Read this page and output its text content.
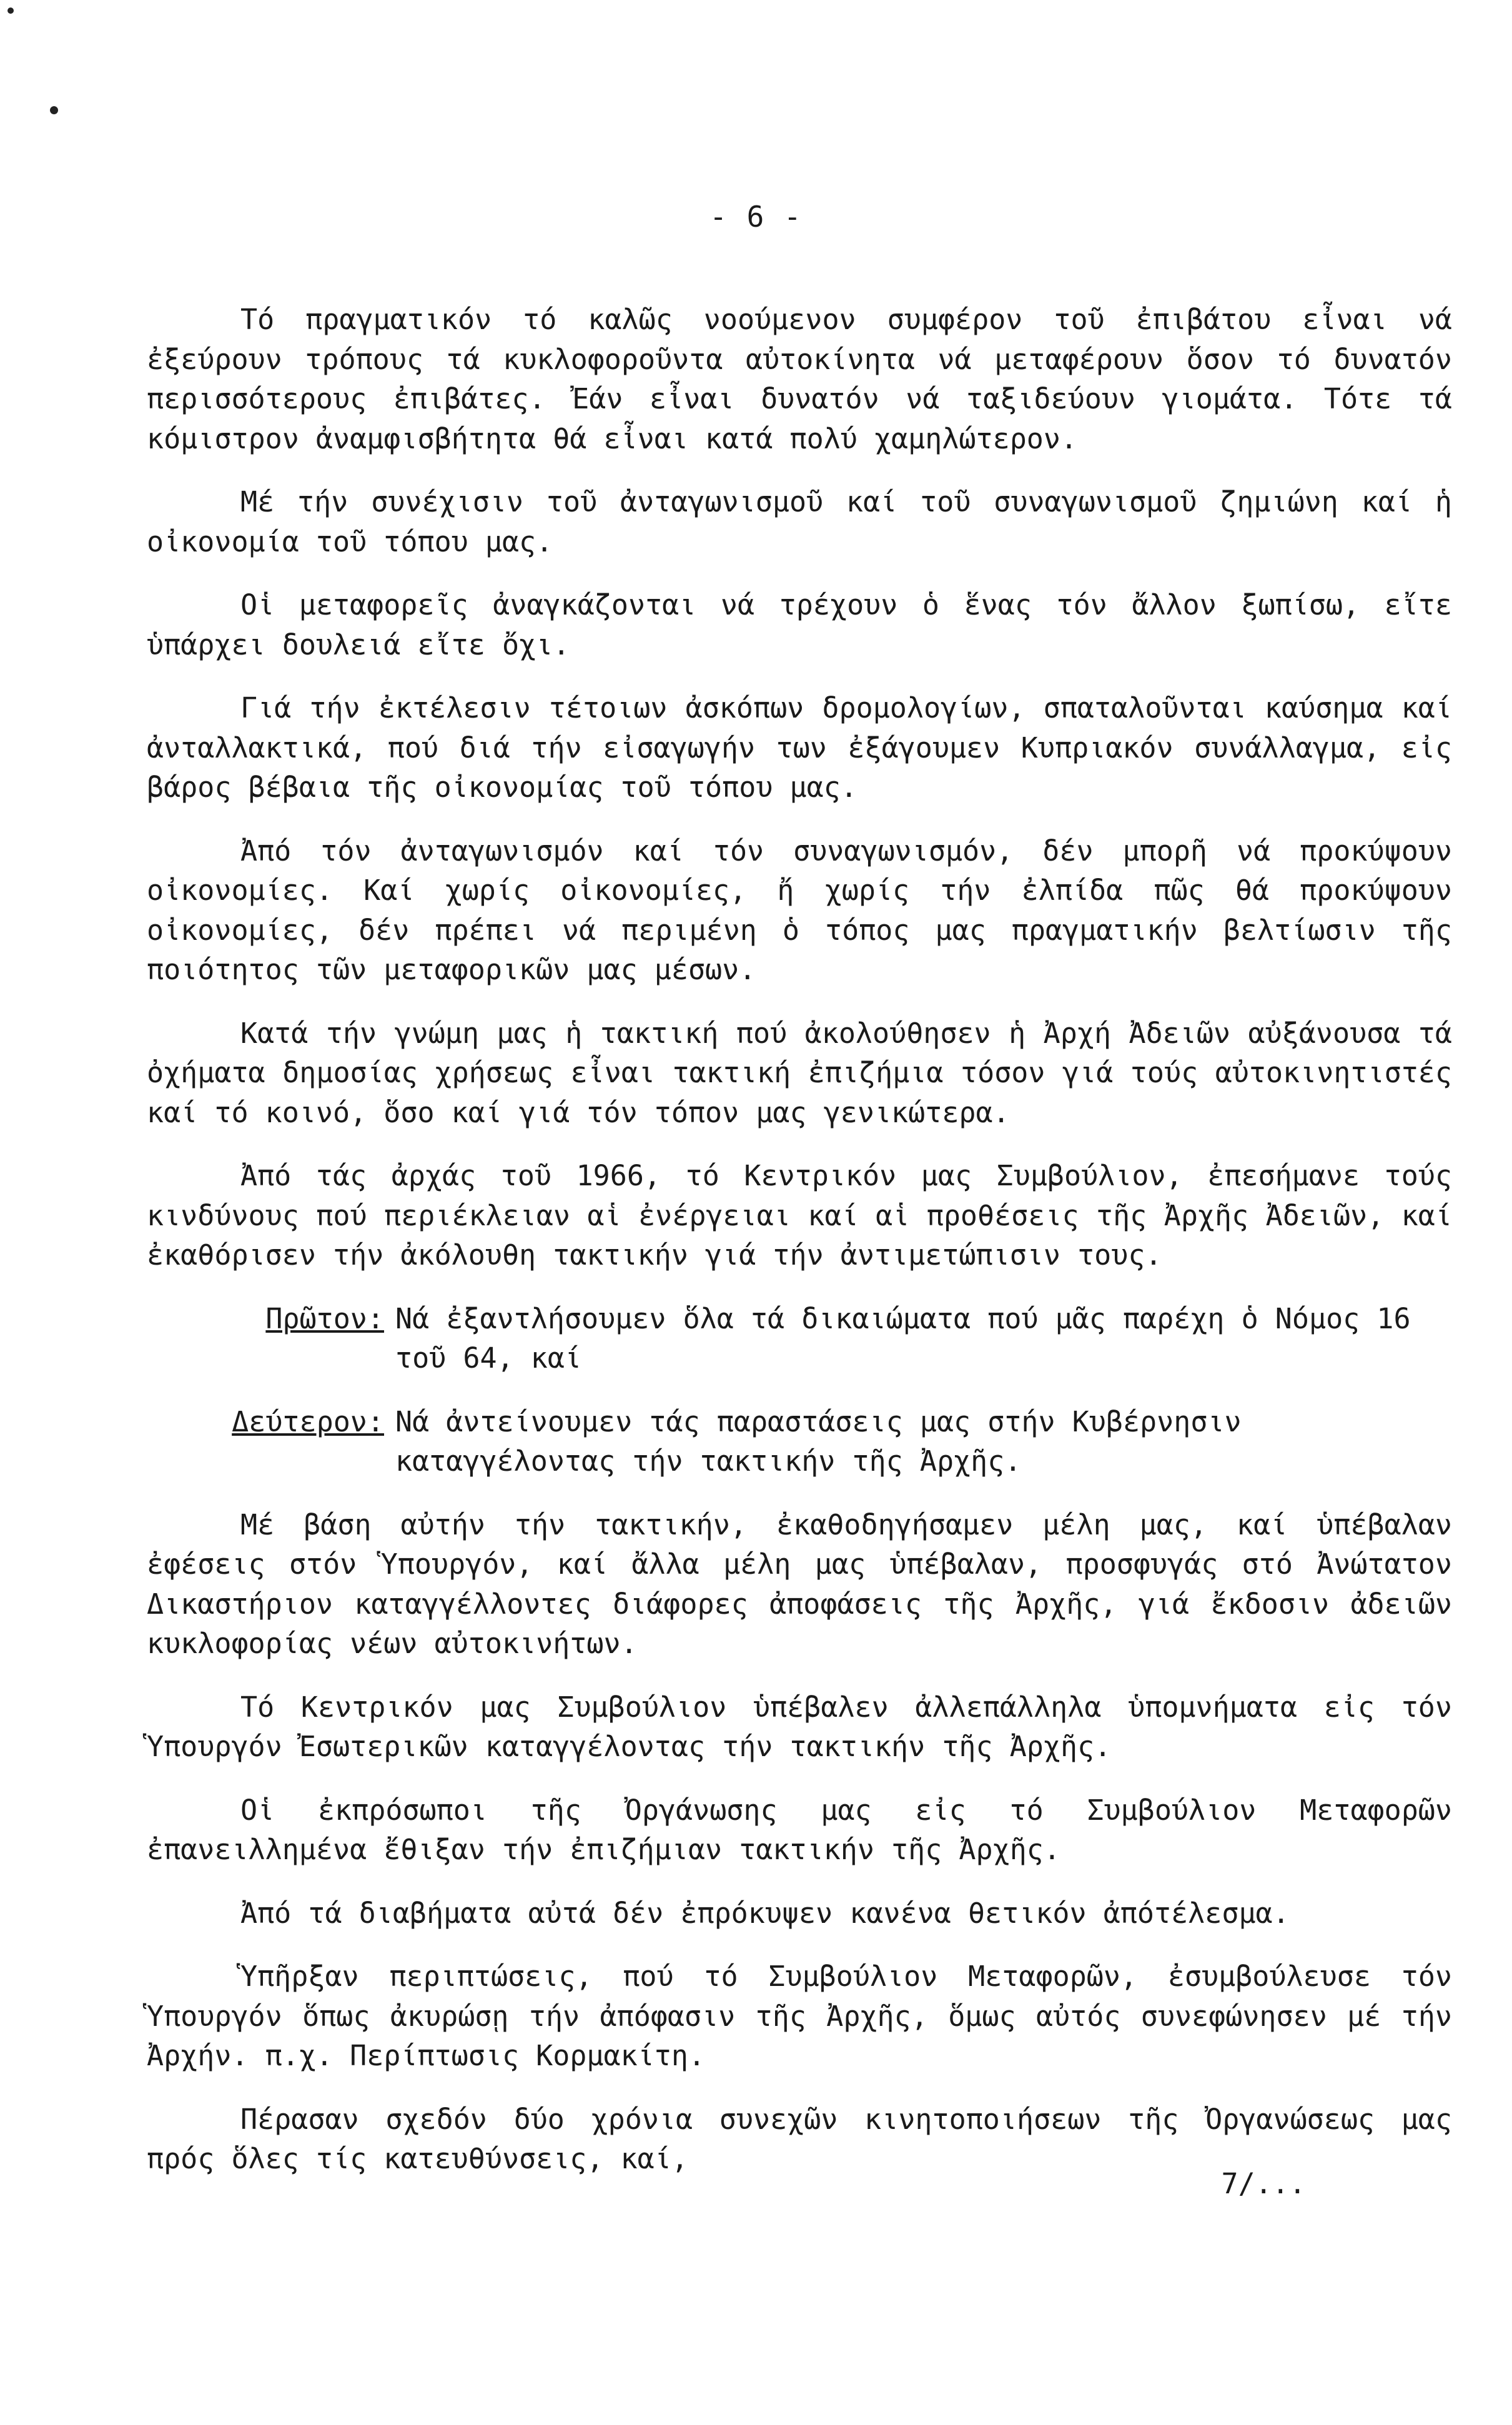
- 6 -

Τό πραγματικόν τό καλῶς νοούμενον συμφέρον τοῦ ἐπιβάτου εἶναι νά ἐξεύρουν τρόπους τά κυκλοφοροῦντα αὐτοκίνητα νά μεταφέρουν ὅσον τό δυνατόν περισσότερους ἐπιβάτες. Ἐάν εἶναι δυνατόν νά ταξιδεύουν γιομάτα. Τότε τά κόμιστρον ἀναμφισβήτητα θά εἶναι κατά πολύ χαμηλώτερον.

Μέ τήν συνέχισιν τοῦ ἀνταγωνισμοῦ καί τοῦ συναγωνισμοῦ ζημιώνη καί ἡ οἰκονομία τοῦ τόπου μας.

Οἱ μεταφορεῖς ἀναγκάζονται νά τρέχουν ὁ ἕνας τόν ἄλλον ξωπίσω, εἴτε ὑπάρχει δουλειά εἴτε ὄχι.

Γιά τήν ἐκτέλεσιν τέτοιων ἀσκόπων δρομολογίων, σπαταλοῦνται καύσημα καί ἀνταλλακτικά, πού διά τήν εἰσαγωγήν των ἐξάγουμεν Κυπριακόν συνάλλαγμα, εἰς βάρος βέβαια τῆς οἰκονομίας τοῦ τόπου μας.

Ἀπό τόν ἀνταγωνισμόν καί τόν συναγωνισμόν, δέν μπορῆ νά προκύψουν οἰκονομίες. Καί χωρίς οἰκονομίες, ἤ χωρίς τήν ἐλπίδα πῶς θά προκύψουν οἰκονομίες, δέν πρέπει νά περιμένη ὁ τόπος μας πραγματικήν βελτίωσιν τῆς ποιότητος τῶν μεταφορικῶν μας μέσων.

Κατά τήν γνώμη μας ἡ τακτική πού ἀκολούθησεν ἡ Ἀρχή Ἀδειῶν αὐξάνουσα τά ὀχήματα δημοσίας χρήσεως εἶναι τακτική ἐπιζήμια τόσον γιά τούς αὐτοκινητιστές καί τό κοινό, ὅσο καί γιά τόν τόπον μας γενικώτερα.

Ἀπό τάς ἀρχάς τοῦ 1966, τό Κεντρικόν μας Συμβούλιον, ἐπεσήμανε τούς κινδύνους πού περιέκλειαν αἱ ἐνέργειαι καί αἱ προθέσεις τῆς Ἀρχῆς Ἀδειῶν, καί ἐκαθόρισεν τήν ἀκόλουθη τακτικήν γιά τήν ἀντιμετώπισιν τους.

Πρῶτον: Νά ἐξαντλήσουμεν ὅλα τά δικαιώματα πού μᾶς παρέχη ὁ Νόμος 16 τοῦ 64, καί
Δεύτερον: Νά ἀντείνουμεν τάς παραστάσεις μας στήν Κυβέρνησιν καταγγέλοντας τήν τακτικήν τῆς Ἀρχῆς.

Μέ βάση αὐτήν τήν τακτικήν, ἐκαθοδηγήσαμεν μέλη μας, καί ὑπέβαλαν ἐφέσεις στόν Ὑπουργόν, καί ἄλλα μέλη μας ὑπέβαλαν, προσφυγάς στό Ἀνώτατον Δικαστήριον καταγγέλλοντες διάφορες ἀποφάσεις τῆς Ἀρχῆς, γιά ἔκδοσιν ἀδειῶν κυκλοφορίας νέων αὐτοκινήτων.

Τό Κεντρικόν μας Συμβούλιον ὑπέβαλεν ἀλλεπάλληλα ὑπομνήματα εἰς τόν Ὑπουργόν Ἐσωτερικῶν καταγγέλοντας τήν τακτικήν τῆς Ἀρχῆς.

Οἱ ἐκπρόσωποι τῆς Ὀργάνωσης μας εἰς τό Συμβούλιον Μεταφορῶν ἐπανειλλημένα ἔθιξαν τήν ἐπιζήμιαν τακτικήν τῆς Ἀρχῆς.

Ἀπό τά διαβήματα αὐτά δέν ἐπρόκυψεν κανένα θετικόν ἀπότέλεσμα.

Ὑπῆρξαν περιπτώσεις, πού τό Συμβούλιον Μεταφορῶν, ἐσυμβούλευσε τόν Ὑπουργόν ὅπως ἀκυρώσῃ τήν ἀπόφασιν τῆς Ἀρχῆς, ὅμως αὐτός συνεφώνησεν μέ τήν Ἀρχήν. π.χ. Περίπτωσις Κορμακίτη.

Πέρασαν σχεδόν δύο χρόνια συνεχῶν κινητοποιήσεων τῆς Ὀργανώσεως μας πρός ὅλες τίς κατευθύνσεις, καί,

7/...
